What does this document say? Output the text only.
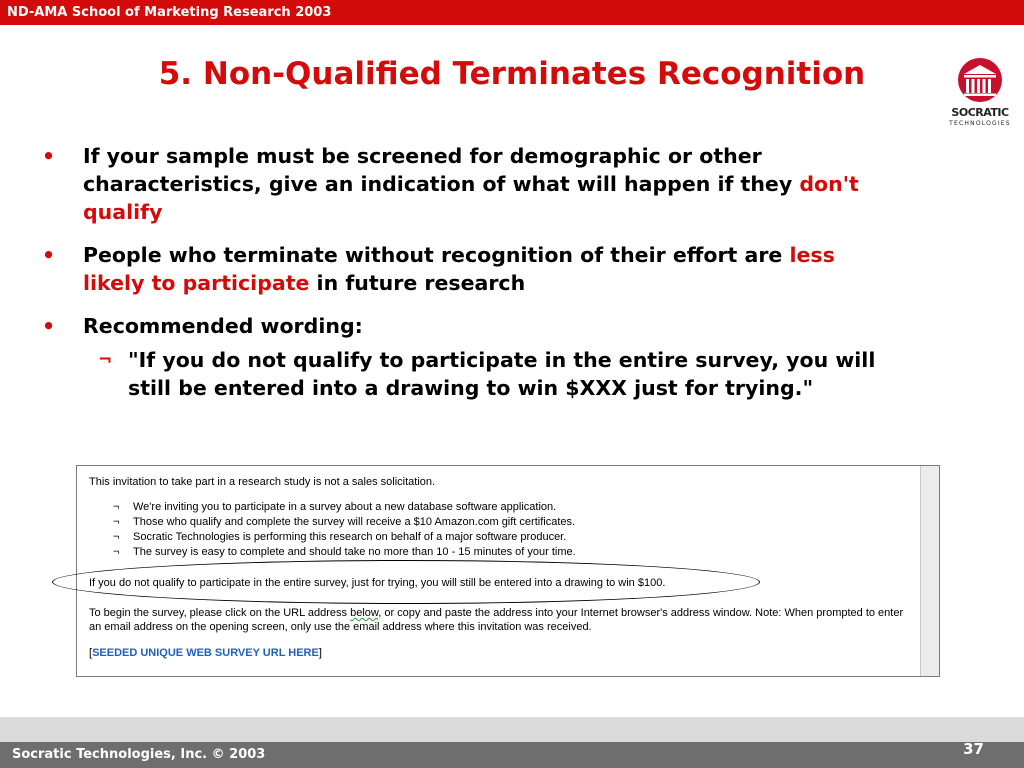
ND-AMA School of Marketing Research 2003
5. Non-Qualified Terminates Recognition
SOCRATIC
TECHNOLOGIES
• If your sample must be screened for demographic or other characteristics, give an indication of what will happen if they don't qualify
• People who terminate without recognition of their effort are less likely to participate in future research
• Recommended wording:
¬ "If you do not qualify to participate in the entire survey, you will still be entered into a drawing to win $XXX just for trying."
This invitation to take part in a research study is not a sales solicitation.
¬ We're inviting you to participate in a survey about a new database software application.
¬ Those who qualify and complete the survey will receive a $10 Amazon.com gift certificates.
¬ Socratic Technologies is performing this research on behalf of a major software producer.
¬ The survey is easy to complete and should take no more than 10 - 15 minutes of your time.
If you do not qualify to participate in the entire survey, just for trying, you will still be entered into a drawing to win $100.
To begin the survey, please click on the URL address below, or copy and paste the address into your Internet browser's address window. Note: When prompted to enter an email address on the opening screen, only use the email address where this invitation was received.
[SEEDED UNIQUE WEB SURVEY URL HERE]
Socratic Technologies, Inc. © 2003	37
